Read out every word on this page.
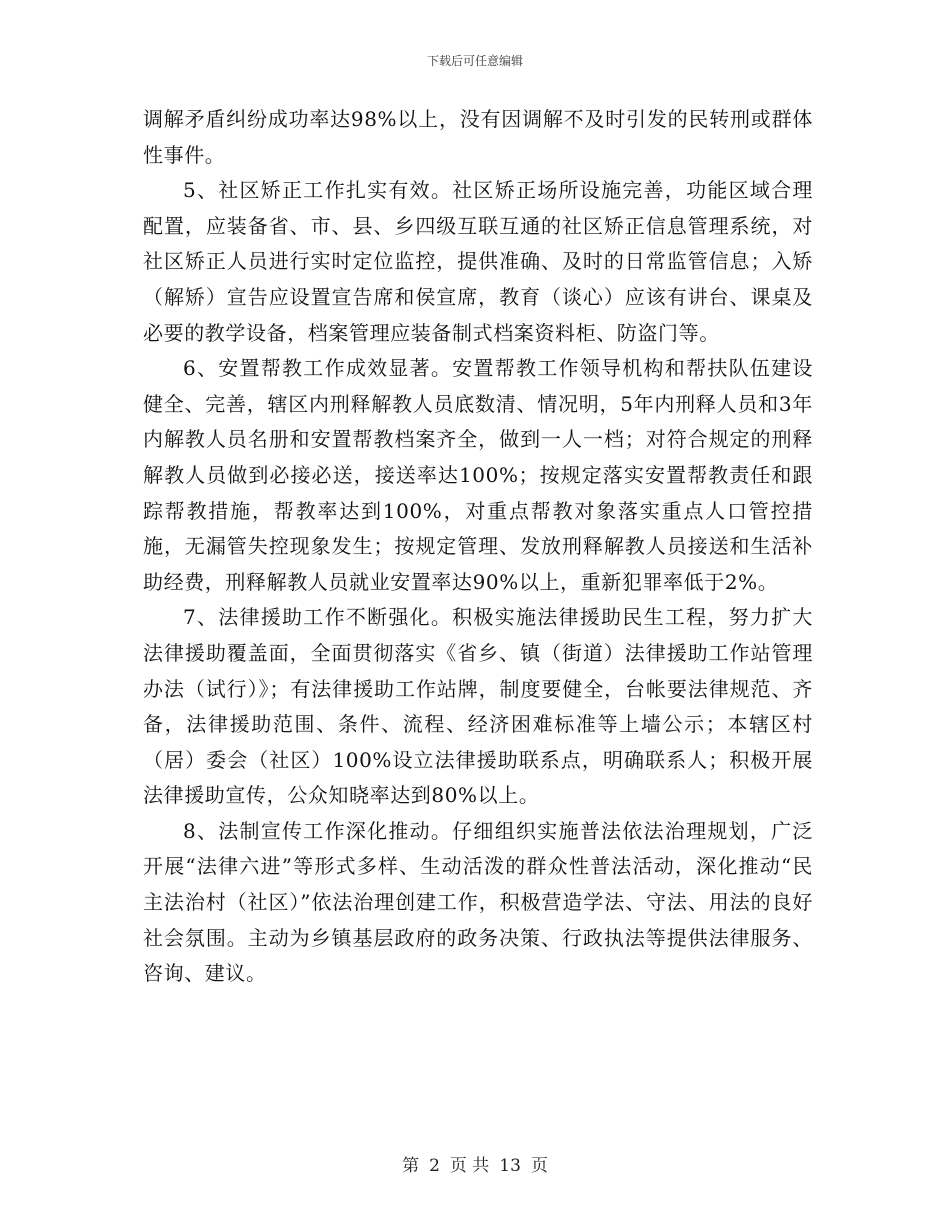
下载后可任意编辑

调解矛盾纠纷成功率达98%以上，没有因调解不及时引发的民转刑或群体性事件。

5、社区矫正工作扎实有效。社区矫正场所设施完善，功能区域合理配置，应装备省、市、县、乡四级互联互通的社区矫正信息管理系统，对社区矫正人员进行实时定位监控，提供准确、及时的日常监管信息；入矫（解矫）宣告应设置宣告席和侯宣席，教育（谈心）应该有讲台、课桌及必要的教学设备，档案管理应装备制式档案资料柜、防盗门等。

6、安置帮教工作成效显著。安置帮教工作领导机构和帮扶队伍建设健全、完善，辖区内刑释解教人员底数清、情况明，5年内刑释人员和3年内解教人员名册和安置帮教档案齐全，做到一人一档；对符合规定的刑释解教人员做到必接必送，接送率达100%；按规定落实安置帮教责任和跟踪帮教措施，帮教率达到100%，对重点帮教对象落实重点人口管控措施，无漏管失控现象发生；按规定管理、发放刑释解教人员接送和生活补助经费，刑释解教人员就业安置率达90%以上，重新犯罪率低于2%。

7、法律援助工作不断强化。积极实施法律援助民生工程，努力扩大法律援助覆盖面，全面贯彻落实《省乡、镇（街道）法律援助工作站管理办法（试行）》；有法律援助工作站牌，制度要健全，台帐要法律规范、齐备，法律援助范围、条件、流程、经济困难标准等上墙公示；本辖区村（居）委会（社区）100%设立法律援助联系点，明确联系人；积极开展法律援助宣传，公众知晓率达到80%以上。

8、法制宣传工作深化推动。仔细组织实施普法依法治理规划，广泛开展“法律六进”等形式多样、生动活泼的群众性普法活动，深化推动“民主法治村（社区）”依法治理创建工作，积极营造学法、守法、用法的良好社会氛围。主动为乡镇基层政府的政务决策、行政执法等提供法律服务、咨询、建议。

第 2 页 共 13 页
